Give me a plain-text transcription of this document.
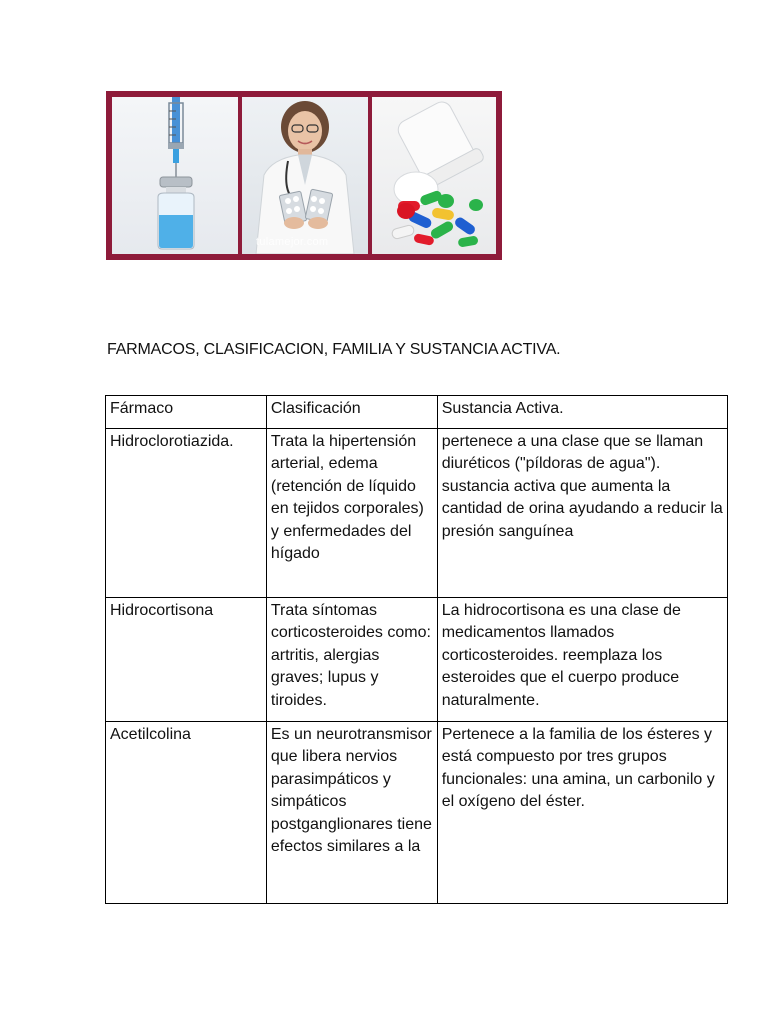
tulamejor.com
FARMACOS, CLASIFICACION, FAMILIA Y SUSTANCIA ACTIVA.
Fármaco	Clasificación	Sustancia Activa.
Hidroclorotiazida.	Trata la hipertensión arterial, edema (retención de líquido en tejidos corporales) y enfermedades del hígado	pertenece a una clase que se llaman diuréticos ("píldoras de agua"). sustancia activa que aumenta la cantidad de orina ayudando a reducir la presión sanguínea
Hidrocortisona	Trata síntomas corticosteroides como: artritis, alergias graves; lupus y tiroides.	La hidrocortisona es una clase de medicamentos llamados corticosteroides. reemplaza los esteroides que el cuerpo produce naturalmente.
Acetilcolina	Es un neurotransmisor que libera nervios parasimpáticos y simpáticos postganglionares tiene efectos similares a la	Pertenece a la familia de los ésteres y está compuesto por tres grupos funcionales: una amina, un carbonilo y el oxígeno del éster.
